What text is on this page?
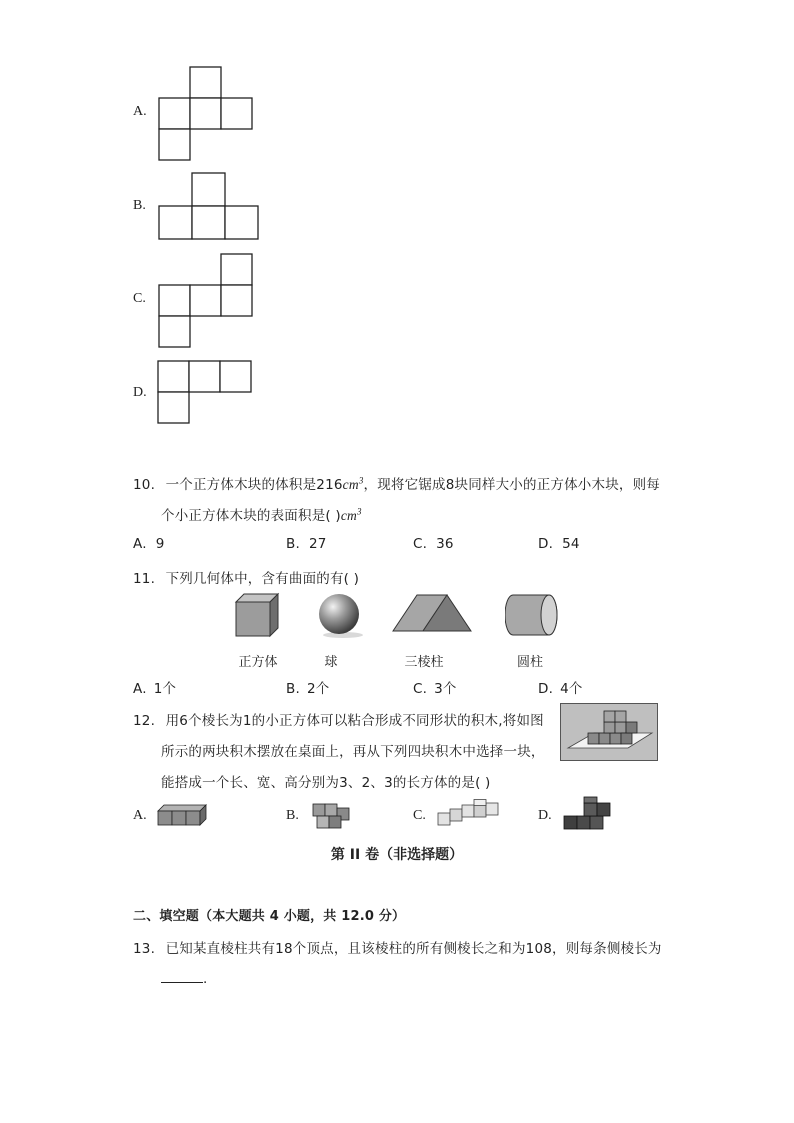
A.
B.
C.
D.
10. 一个正方体木块的体积是$216cm^3$，现将它锯成8块同样大小的正方体小木块，则每
个小正方体木块的表面积是( )$cm^3$
A. 9	B. 27	C. 36	D. 54
11. 下列几何体中，含有曲面的有( )
正方体	球	三棱柱	圆柱
A. 1个	B. 2个	C. 3个	D. 4个
12. 用6个棱长为1的小正方体可以粘合形成不同形状的积木,将如图
所示的两块积木摆放在桌面上，再从下列四块积木中选择一块，
能搭成一个长、宽、高分别为3、2、3的长方体的是( )
A.	B.	C.	D.
第 II 卷（非选择题）
二、填空题（本大题共 4 小题，共 12.0 分）
13. 已知某直棱柱共有18个顶点，且该棱柱的所有侧棱长之和为108，则每条侧棱长为
.
